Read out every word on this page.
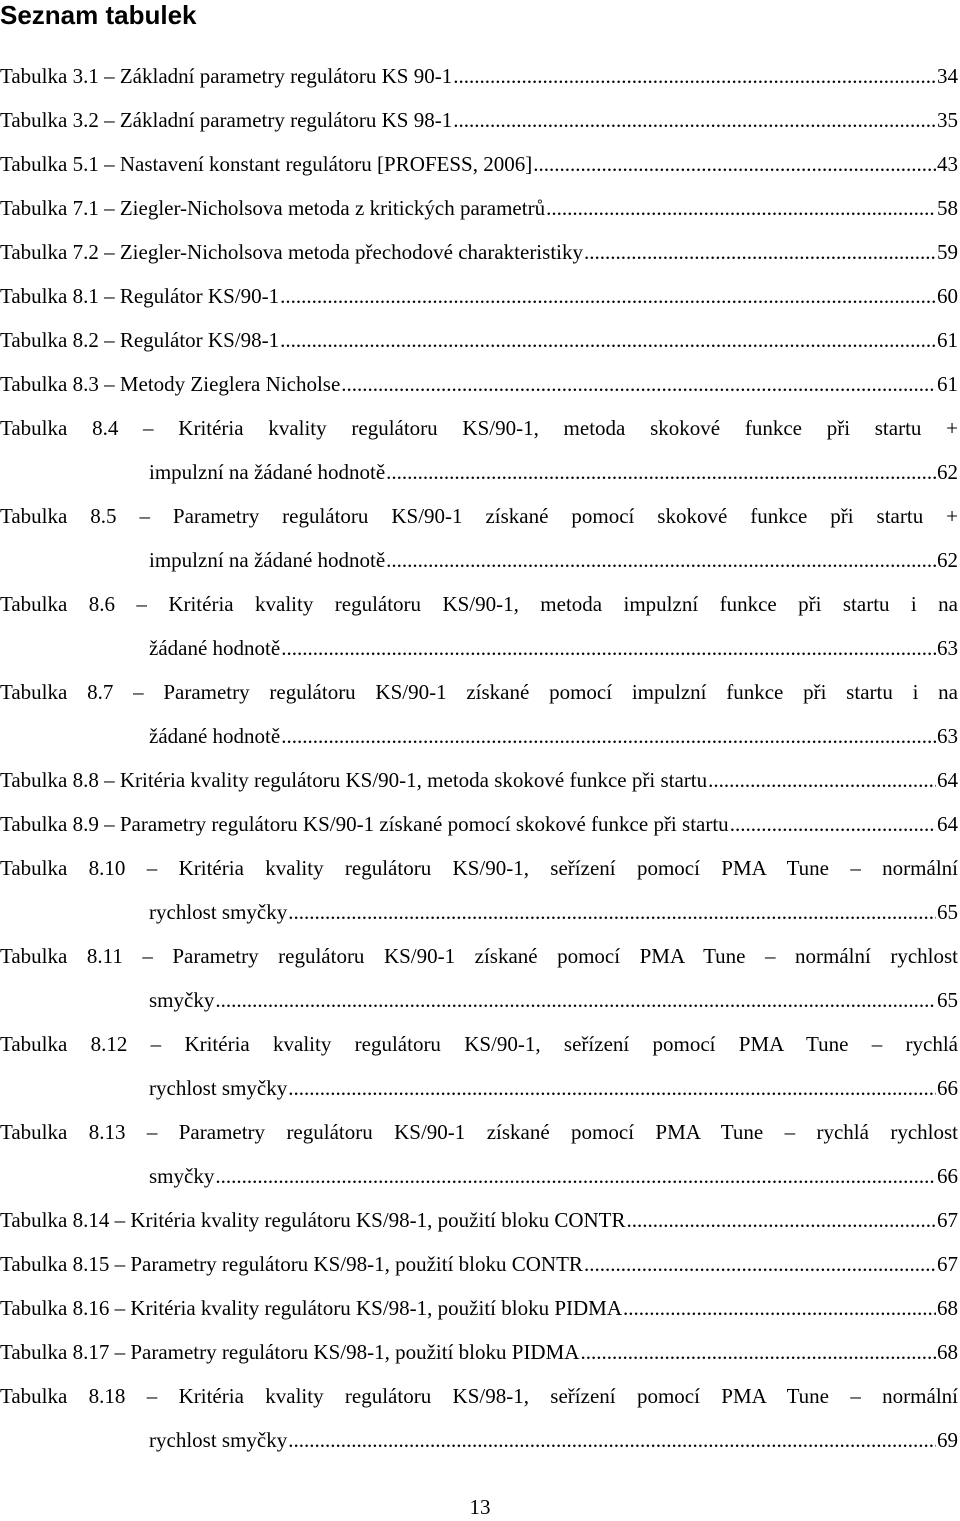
Seznam tabulek
Tabulka 3.1 – Základní parametry regulátoru KS 90-1 .....	34
Tabulka 3.2 – Základní parametry regulátoru KS 98-1 .....	35
Tabulka 5.1 – Nastavení konstant regulátoru [PROFESS, 2006] .....	43
Tabulka 7.1 – Ziegler-Nicholsova metoda z kritických parametrů .....	58
Tabulka 7.2 – Ziegler-Nicholsova metoda přechodové charakteristiky .....	59
Tabulka 8.1 – Regulátor KS/90-1 .....	60
Tabulka 8.2 – Regulátor KS/98-1 .....	61
Tabulka 8.3 – Metody Zieglera Nicholse .....	61
Tabulka 8.4 – Kritéria kvality regulátoru KS/90-1, metoda skokové funkce při startu +
impulzní na žádané hodnotě .....	62
Tabulka 8.5 – Parametry regulátoru KS/90-1 získané pomocí skokové funkce při startu +
impulzní na žádané hodnotě .....	62
Tabulka 8.6 – Kritéria kvality regulátoru KS/90-1, metoda impulzní funkce při startu i na
žádané hodnotě .....	63
Tabulka 8.7 – Parametry regulátoru KS/90-1 získané pomocí impulzní funkce při startu i na
žádané hodnotě .....	63
Tabulka 8.8 – Kritéria kvality regulátoru KS/90-1, metoda skokové funkce při startu .....	64
Tabulka 8.9 – Parametry regulátoru KS/90-1 získané pomocí skokové funkce při startu .....	64
Tabulka 8.10 – Kritéria kvality regulátoru KS/90-1, seřízení pomocí PMA Tune – normální
rychlost smyčky .....	65
Tabulka 8.11 – Parametry regulátoru KS/90-1 získané pomocí PMA Tune – normální rychlost
smyčky .....	65
Tabulka 8.12 – Kritéria kvality regulátoru KS/90-1, seřízení pomocí PMA Tune – rychlá
rychlost smyčky .....	66
Tabulka 8.13 – Parametry regulátoru KS/90-1 získané pomocí PMA Tune – rychlá rychlost
smyčky .....	66
Tabulka 8.14 – Kritéria kvality regulátoru KS/98-1, použití bloku CONTR .....	67
Tabulka 8.15 – Parametry regulátoru KS/98-1, použití bloku CONTR .....	67
Tabulka 8.16 – Kritéria kvality regulátoru KS/98-1, použití bloku PIDMA .....	68
Tabulka 8.17 – Parametry regulátoru KS/98-1, použití bloku PIDMA .....	68
Tabulka 8.18 – Kritéria kvality regulátoru KS/98-1, seřízení pomocí PMA Tune – normální
rychlost smyčky .....	69
13
